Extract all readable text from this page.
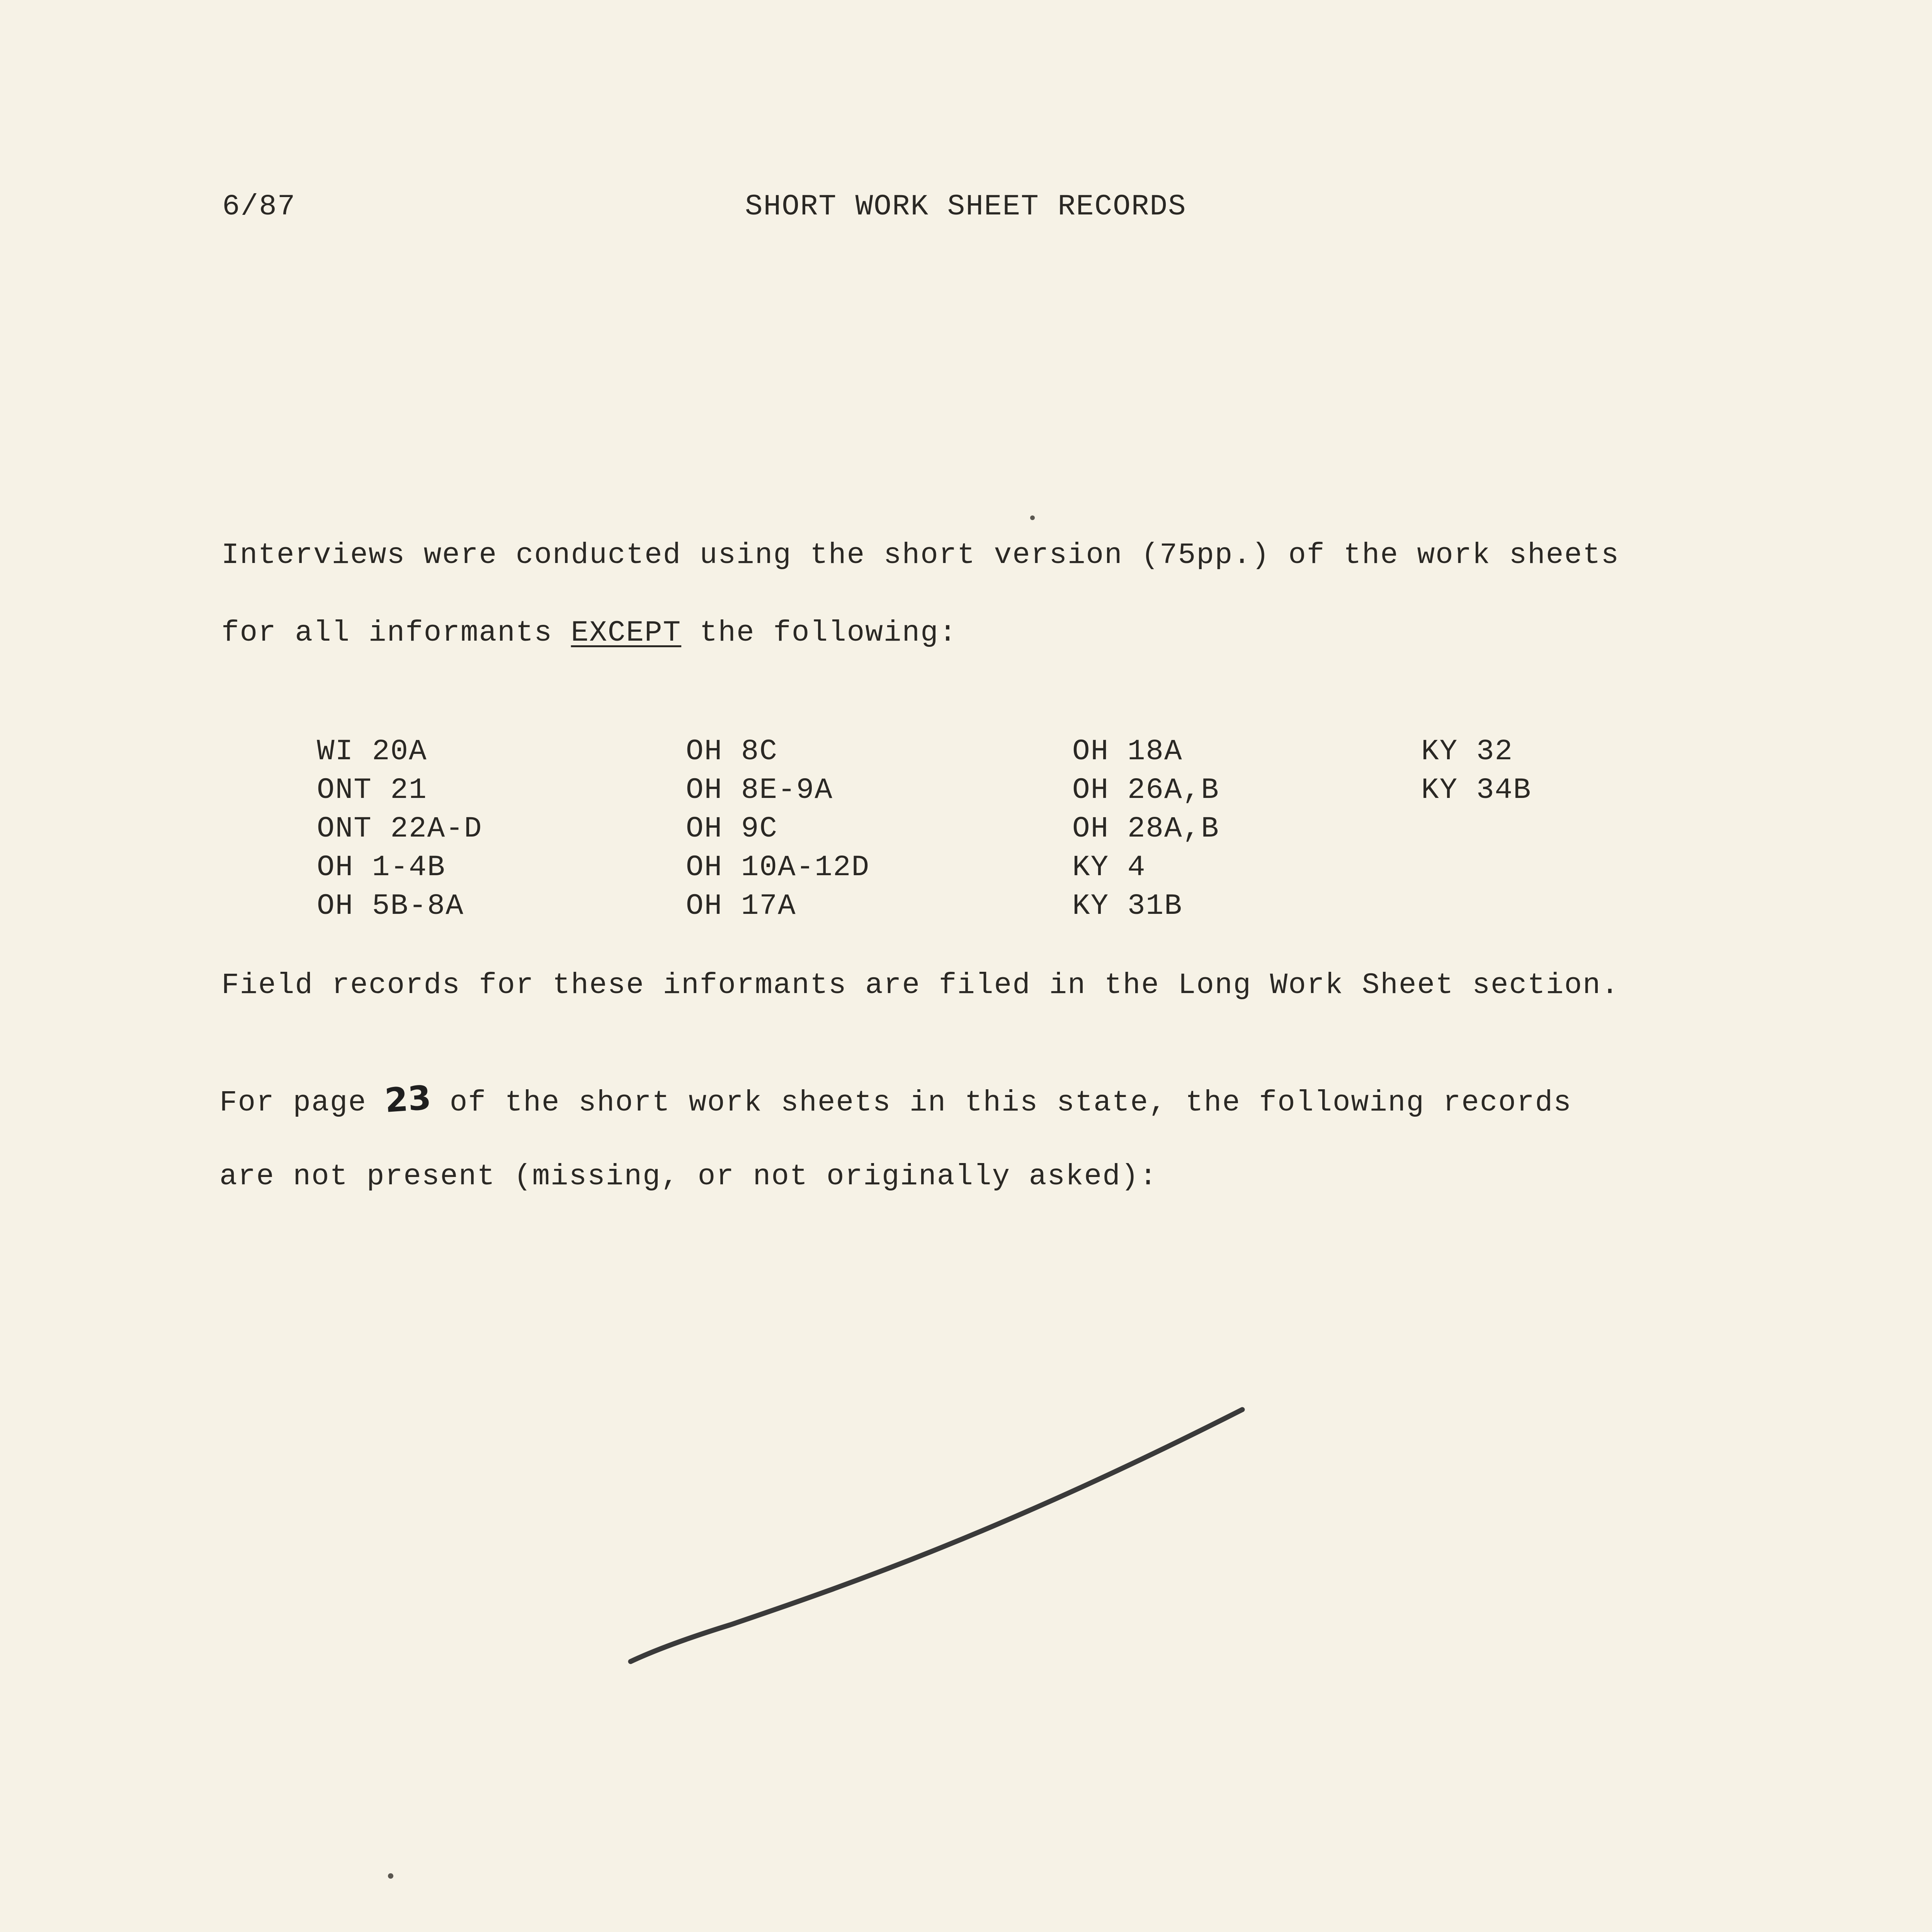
6/87	SHORT WORK SHEET RECORDS
Interviews were conducted using the short version (75pp.) of the work sheets
for all informants EXCEPT the following:
WI 20A
ONT 21
ONT 22A-D
OH 1-4B
OH 5B-8A
OH 8C
OH 8E-9A
OH 9C
OH 10A-12D
OH 17A
OH 18A
OH 26A,B
OH 28A,B
KY 4
KY 31B
KY 32
KY 34B
Field records for these informants are filed in the Long Work Sheet section.
For page 23 of the short work sheets in this state, the following records
are not present (missing, or not originally asked):
